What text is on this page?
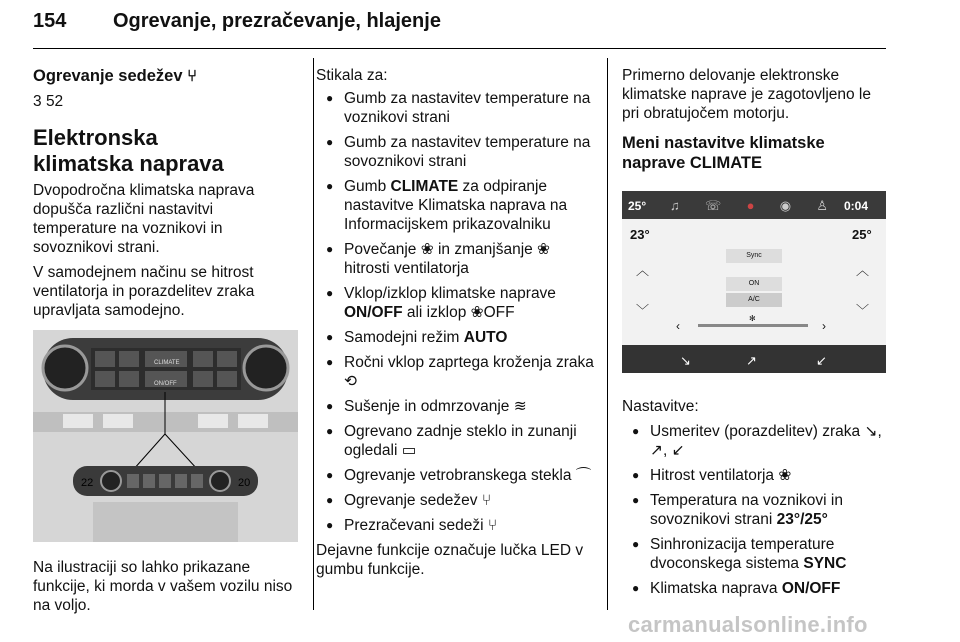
154 Ogrevanje, prezračevanje, hlajenje
Ogrevanje sedežev ⑂

3 52

Elektronska klimatska naprava

Dvopodročna klimatska naprava dopušča različni nastavitvi temperature na voznikovi in sovoznikovi strani.

V samodejnem načinu se hitrost ventilatorja in porazdelitev zraka upravljata samodejno.

CLIMATE
ON/OFF
22	20

Na ilustraciji so lahko prikazane funkcije, ki morda v vašem vozilu niso na voljo.

Stikala za:

● Gumb za nastavitev temperature na voznikovi strani
● Gumb za nastavitev temperature na sovoznikovi strani
● Gumb CLIMATE za odpiranje nastavitve Klimatska naprava na Informacijskem prikazovalniku
● Povečanje ❀ in zmanjšanje ❀ hitrosti ventilatorja
● Vklop/izklop klimatske naprave ON/OFF ali izklop ❀OFF
● Samodejni režim AUTO
● Ročni vklop zaprtega kroženja zraka ⟲
● Sušenje in odmrzovanje ≋
● Ogrevano zadnje steklo in zunanji ogledali ▭
● Ogrevanje vetrobranskega stekla ⌒
● Ogrevanje sedežev ⑂
● Prezračevani sedeži ⑂

Dejavne funkcije označuje lučka LED v gumbu funkcije.

Primerno delovanje elektronske klimatske naprave je zagotovljeno le pri obratujočem motorju.

Meni nastavitve klimatske naprave CLIMATE
25°	0:04
♫ ☏ ● ◉ ♙
23°	25°
︿
﹀
︿
﹀
Sync
ON
A/C
✻
‹	›
↘	↗	↙

Nastavitve:

● Usmeritev (porazdelitev) zraka ↘, ↗, ↙
● Hitrost ventilatorja ❀
● Temperatura na voznikovi in sovoznikovi strani 23°/25°
● Sinhronizacija temperature dvoconskega sistema SYNC
● Klimatska naprava ON/OFF
carmanualsonline.info
